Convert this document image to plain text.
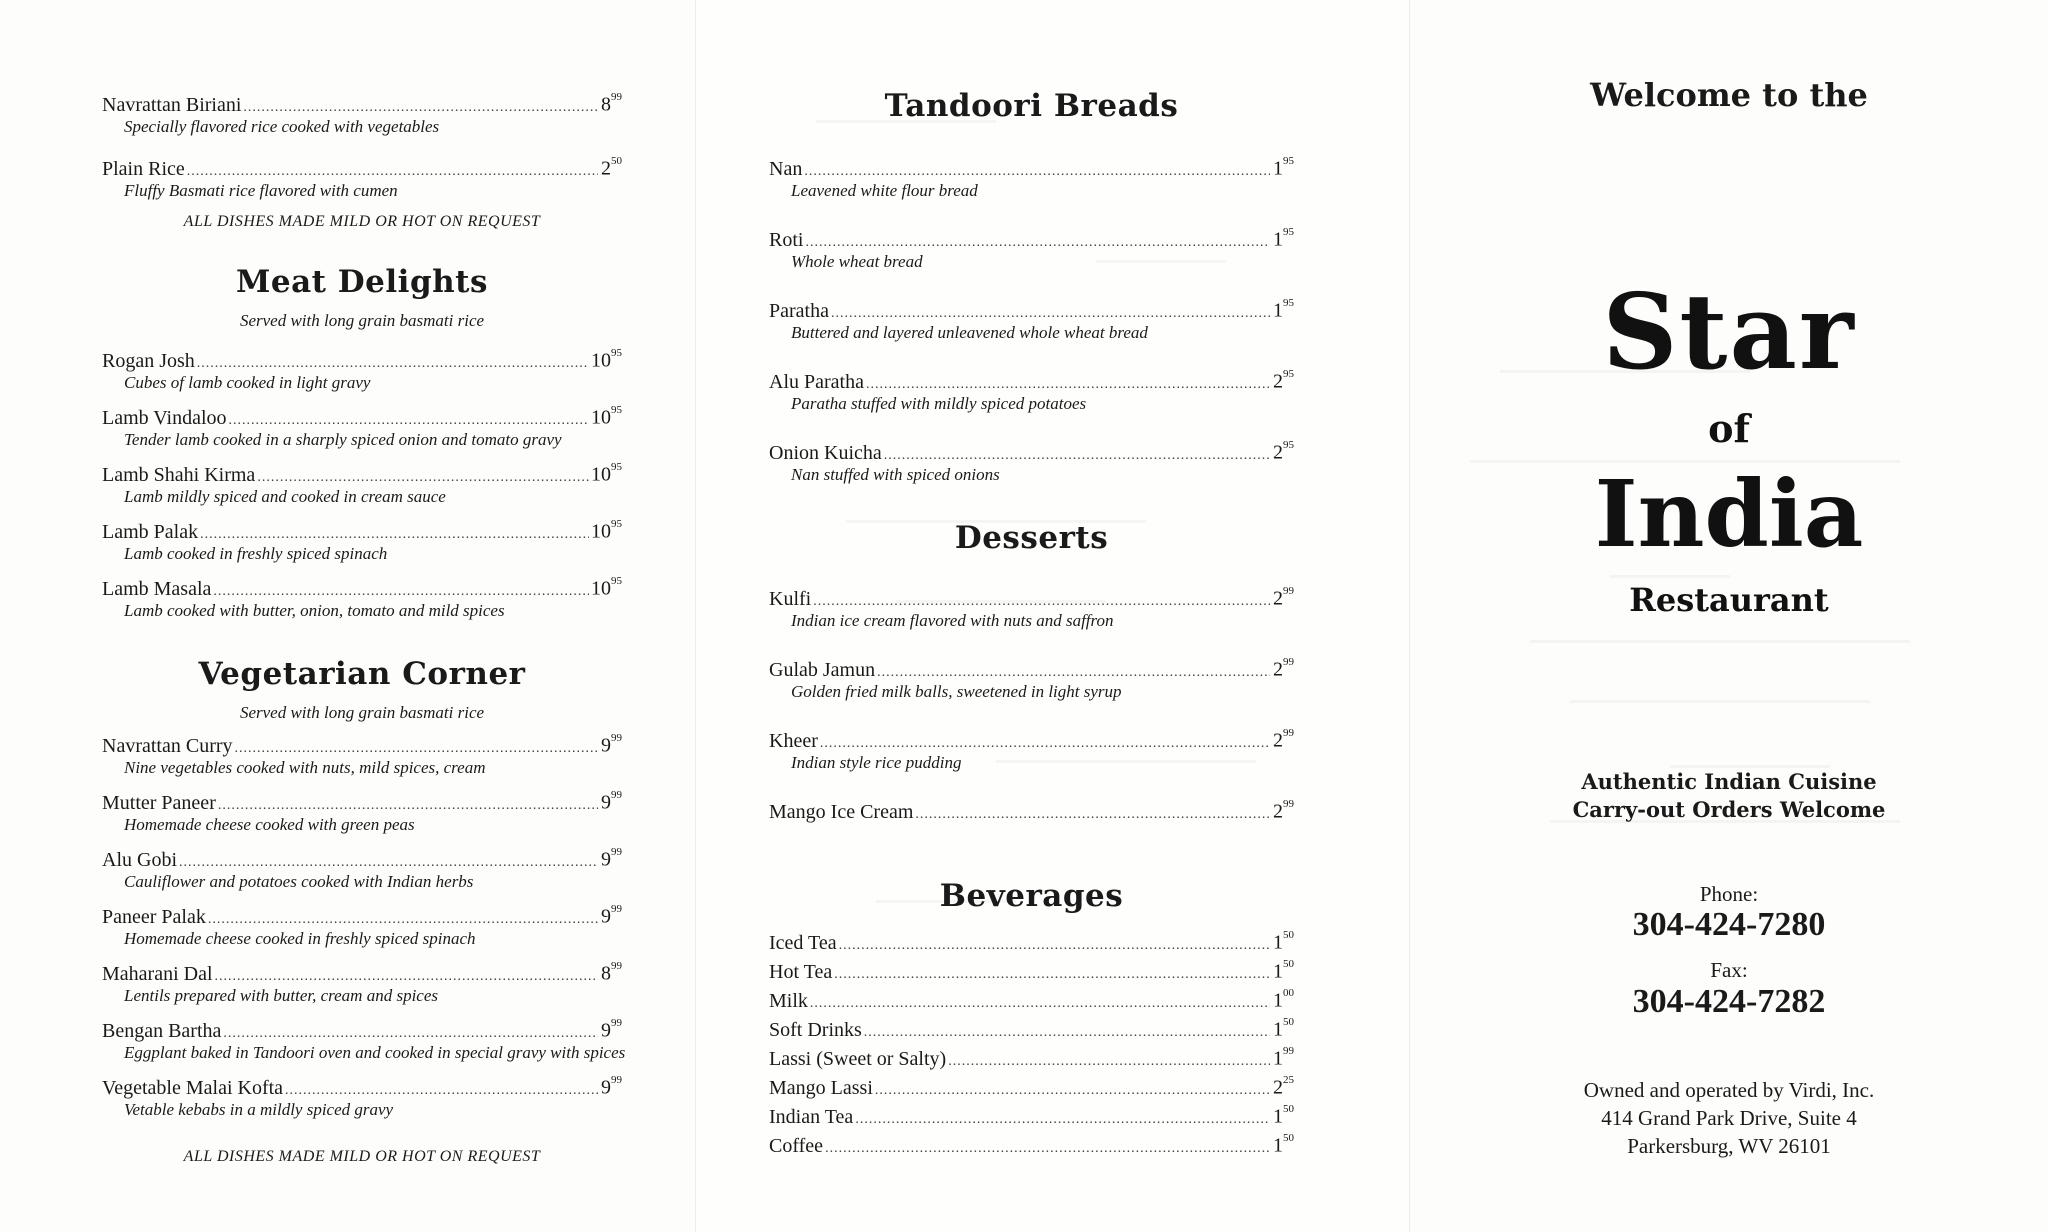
Navrattan Biriani .....	$8^{99}$
Specially flavored rice cooked with vegetables
Plain Rice .....	$2^{50}$
Fluffy Basmati rice flavored with cumen
ALL DISHES MADE MILD OR HOT ON REQUEST
Meat Delights
Served with long grain basmati rice
Rogan Josh .....	$10^{95}$
Cubes of lamb cooked in light gravy
Lamb Vindaloo .....	$10^{95}$
Tender lamb cooked in a sharply spiced onion and tomato gravy
Lamb Shahi Kirma .....	$10^{95}$
Lamb mildly spiced and cooked in cream sauce
Lamb Palak .....	$10^{95}$
Lamb cooked in freshly spiced spinach
Lamb Masala .....	$10^{95}$
Lamb cooked with butter, onion, tomato and mild spices
Vegetarian Corner
Served with long grain basmati rice
Navrattan Curry .....	$9^{99}$
Nine vegetables cooked with nuts, mild spices, cream
Mutter Paneer .....	$9^{99}$
Homemade cheese cooked with green peas
Alu Gobi .....	$9^{99}$
Cauliflower and potatoes cooked with Indian herbs
Paneer Palak .....	$9^{99}$
Homemade cheese cooked in freshly spiced spinach
Maharani Dal .....	$8^{99}$
Lentils prepared with butter, cream and spices
Bengan Bartha .....	$9^{99}$
Eggplant baked in Tandoori oven and cooked in special gravy with spices
Vegetable Malai Kofta .....	$9^{99}$
Vetable kebabs in a mildly spiced gravy
ALL DISHES MADE MILD OR HOT ON REQUEST
Tandoori Breads
Nan .....	$1^{95}$
Leavened white flour bread
Roti .....	$1^{95}$
Whole wheat bread
Paratha .....	$1^{95}$
Buttered and layered unleavened whole wheat bread
Alu Paratha .....	$2^{95}$
Paratha stuffed with mildly spiced potatoes
Onion Kuicha .....	$2^{95}$
Nan stuffed with spiced onions
Desserts
Kulfi .....	$2^{99}$
Indian ice cream flavored with nuts and saffron
Gulab Jamun .....	$2^{99}$
Golden fried milk balls, sweetened in light syrup
Kheer .....	$2^{99}$
Indian style rice pudding
Mango Ice Cream .....	$2^{99}$
Beverages
Iced Tea .....	$1^{50}$
Hot Tea .....	$1^{50}$
Milk .....	$1^{00}$
Soft Drinks .....	$1^{50}$
Lassi (Sweet or Salty) .....	$1^{99}$
Mango Lassi .....	$2^{25}$
Indian Tea .....	$1^{50}$
Coffee .....	$1^{50}$
Welcome to the
Star
of
India
Restaurant
Authentic Indian Cuisine
Carry-out Orders Welcome
Phone:
304-424-7280
Fax:
304-424-7282
Owned and operated by Virdi, Inc.
414 Grand Park Drive, Suite 4
Parkersburg, WV 26101
